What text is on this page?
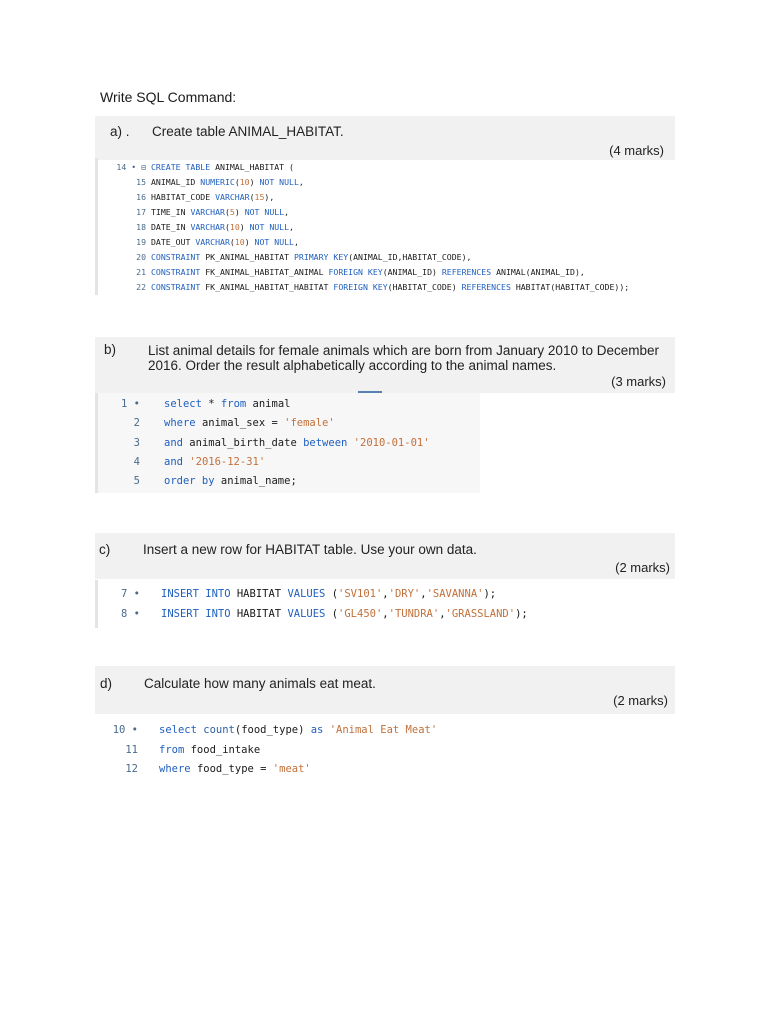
Write SQL Command:
a) . Create table ANIMAL_HABITAT.
(4 marks)
14 • ⊟ CREATE TABLE ANIMAL_HABITAT (
15 ANIMAL_ID NUMERIC(10) NOT NULL,
16 HABITAT_CODE VARCHAR(15),
17 TIME_IN VARCHAR(5) NOT NULL,
18 DATE_IN VARCHAR(10) NOT NULL,
19 DATE_OUT VARCHAR(10) NOT NULL,
20 CONSTRAINT PK_ANIMAL_HABITAT PRIMARY KEY(ANIMAL_ID,HABITAT_CODE),
21 CONSTRAINT FK_ANIMAL_HABITAT_ANIMAL FOREIGN KEY(ANIMAL_ID) REFERENCES ANIMAL(ANIMAL_ID),
22 CONSTRAINT FK_ANIMAL_HABITAT_HABITAT FOREIGN KEY(HABITAT_CODE) REFERENCES HABITAT(HABITAT_CODE));
b) List animal details for female animals which are born from January 2010 to December
2016. Order the result alphabetically according to the animal names.
(3 marks)
1 • select * from animal
2 where animal_sex = 'female'
3 and animal_birth_date between '2010-01-01'
4 and '2016-12-31'
5 order by animal_name;
c) Insert a new row for HABITAT table. Use your own data.
(2 marks)
7 • INSERT INTO HABITAT VALUES ('SV101','DRY','SAVANNA');
8 • INSERT INTO HABITAT VALUES ('GL450','TUNDRA','GRASSLAND');
d) Calculate how many animals eat meat.
(2 marks)
10 • select count(food_type) as 'Animal Eat Meat'
11 from food_intake
12 where food_type = 'meat'
